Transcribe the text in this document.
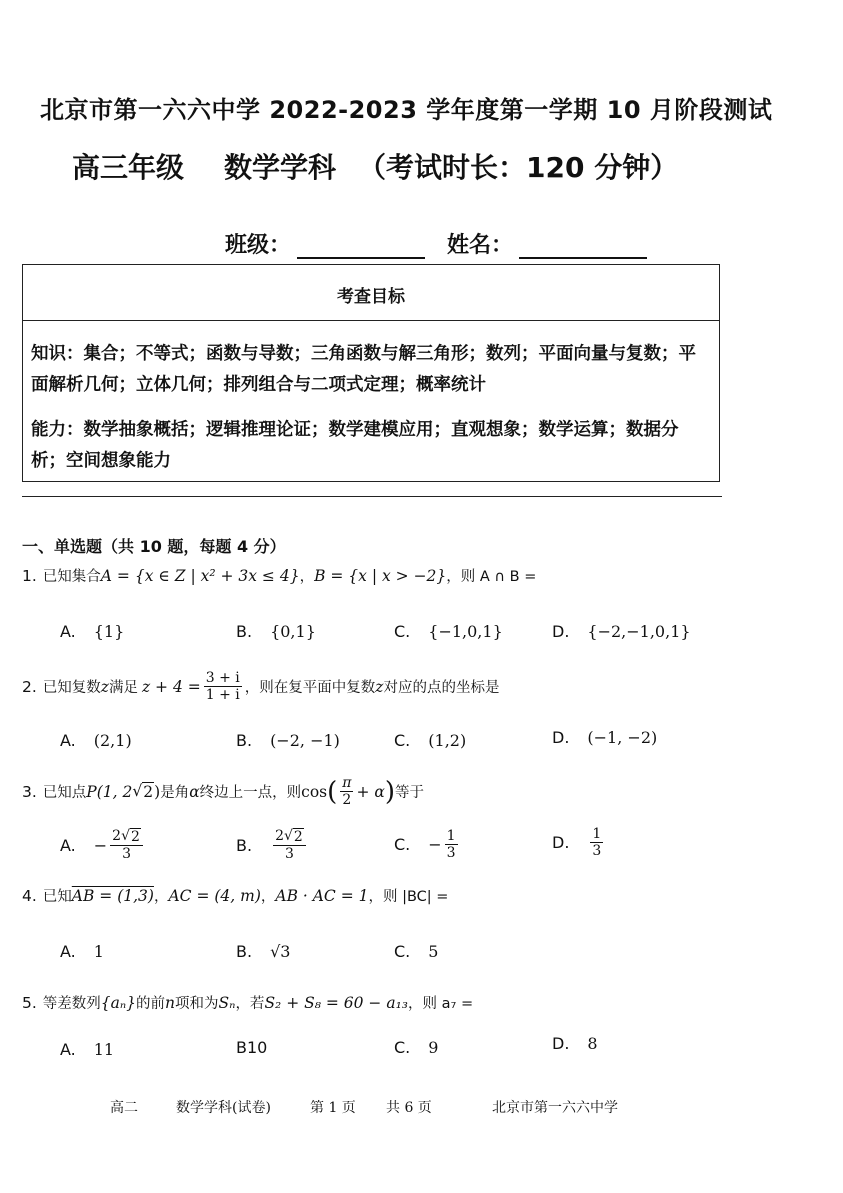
北京市第一六六中学 2022-2023 学年度第一学期 10 月阶段测试
高三年级 数学学科 （考试时长：120 分钟）
班级：	姓名：
考查目标
知识：集合；不等式；函数与导数；三角函数与解三角形；数列；平面向量与复数；平面解析几何；立体几何；排列组合与二项式定理；概率统计
能力：数学抽象概括；逻辑推理论证；数学建模应用；直观想象；数学运算；数据分析；空间想象能力
一、单选题（共 10 题，每题 4 分）
1. 已知集合 A = {x ∈ Z | x² + 3x ≤ 4} ， B = {x | x > −2} ，则 A ∩ B =
A. {1}	B. {0,1}	C. {−1,0,1}	D. {−2,−1,0,1}
2. 已知复数 z 满足 $z + 4 = \frac{3 + i}{1 + i}$ ，则在复平面中复数 z 对应的点的坐标是
A. (2,1)	B. (−2, −1)	C. (1,2)	D. (−1, −2)
3. 已知点 P(1, 2 √ 2 ) 是角 α 终边上一点，则 cos ( $\frac{\pi}{2} + \alpha$ ) 等于
A. − $\frac{2√ 2}{3}$	B. $\frac{2√ 2}{3}$	C. − $\frac{1}{3}$	D. $\frac{1}{3}$
4. 已知 AB = (1,3) ， AC = (4, m) ， AB · AC = 1 ，则 |BC| =
A. 1	B. √3	C. 5
5. 等差数列 {aₙ} 的前 n 项和为 Sₙ ，若 S₂ + S₈ = 60 − a₁₃ ，则 a₇ =
A. 11	B10	C. 9	D. 8
高二	数学学科(试卷)	第 1 页 共 6 页	北京市第一六六中学
